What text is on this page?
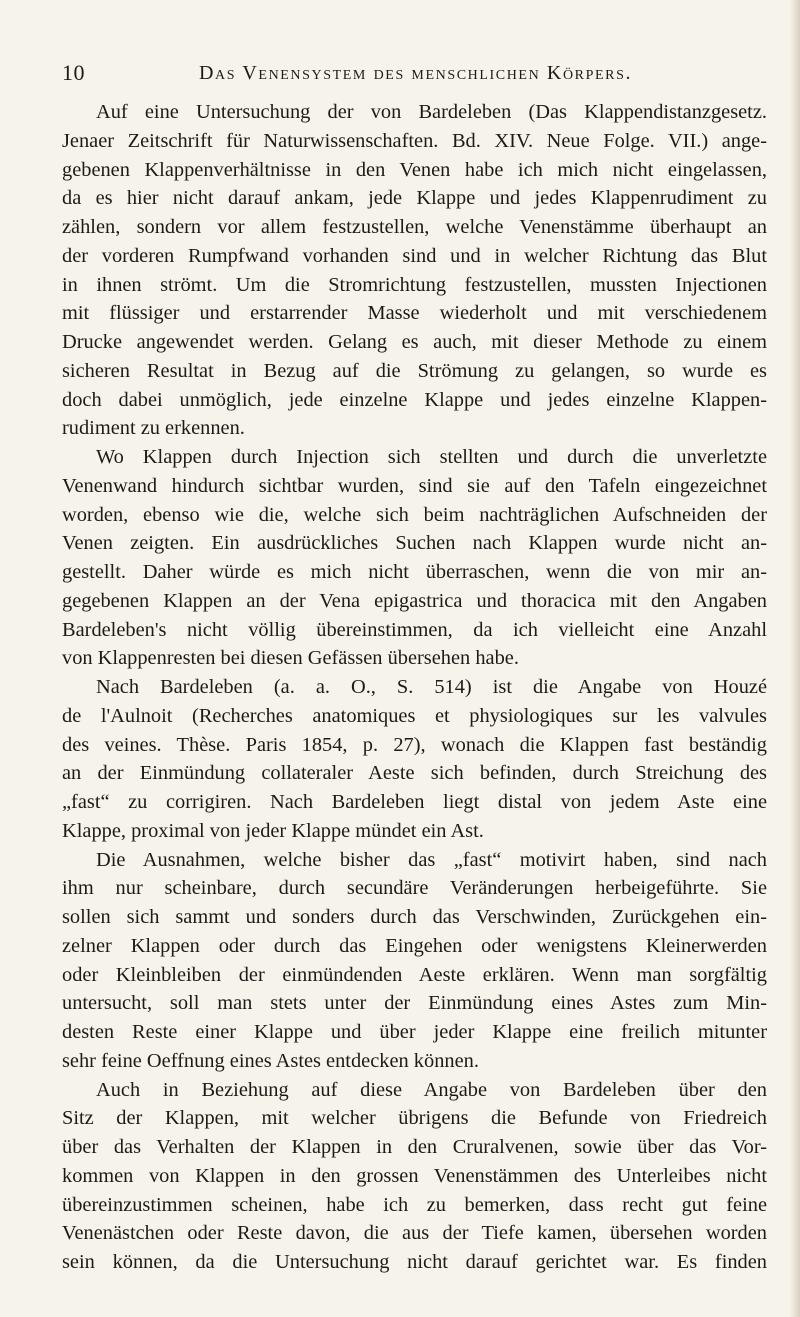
10	Das Venensystem des menschlichen Körpers.
Auf eine Untersuchung der von Bardeleben (Das Klappendistanzgesetz.
Jenaer Zeitschrift für Naturwissenschaften. Bd. XIV. Neue Folge. VII.) ange-
gebenen Klappenverhältnisse in den Venen habe ich mich nicht eingelassen,
da es hier nicht darauf ankam, jede Klappe und jedes Klappenrudiment zu
zählen, sondern vor allem festzustellen, welche Venenstämme überhaupt an
der vorderen Rumpfwand vorhanden sind und in welcher Richtung das Blut
in ihnen strömt. Um die Stromrichtung festzustellen, mussten Injectionen
mit flüssiger und erstarrender Masse wiederholt und mit verschiedenem
Drucke angewendet werden. Gelang es auch, mit dieser Methode zu einem
sicheren Resultat in Bezug auf die Strömung zu gelangen, so wurde es
doch dabei unmöglich, jede einzelne Klappe und jedes einzelne Klappen-
rudiment zu erkennen.
Wo Klappen durch Injection sich stellten und durch die unverletzte
Venenwand hindurch sichtbar wurden, sind sie auf den Tafeln eingezeichnet
worden, ebenso wie die, welche sich beim nachträglichen Aufschneiden der
Venen zeigten. Ein ausdrückliches Suchen nach Klappen wurde nicht an-
gestellt. Daher würde es mich nicht überraschen, wenn die von mir an-
gegebenen Klappen an der Vena epigastrica und thoracica mit den Angaben
Bardeleben's nicht völlig übereinstimmen, da ich vielleicht eine Anzahl
von Klappenresten bei diesen Gefässen übersehen habe.
Nach Bardeleben (a. a. O., S. 514) ist die Angabe von Houzé
de l'Aulnoit (Recherches anatomiques et physiologiques sur les valvules
des veines. Thèse. Paris 1854, p. 27), wonach die Klappen fast beständig
an der Einmündung collateraler Aeste sich befinden, durch Streichung des
„fast“ zu corrigiren. Nach Bardeleben liegt distal von jedem Aste eine
Klappe, proximal von jeder Klappe mündet ein Ast.
Die Ausnahmen, welche bisher das „fast“ motivirt haben, sind nach
ihm nur scheinbare, durch secundäre Veränderungen herbeigeführte. Sie
sollen sich sammt und sonders durch das Verschwinden, Zurückgehen ein-
zelner Klappen oder durch das Eingehen oder wenigstens Kleinerwerden
oder Kleinbleiben der einmündenden Aeste erklären. Wenn man sorgfältig
untersucht, soll man stets unter der Einmündung eines Astes zum Min-
desten Reste einer Klappe und über jeder Klappe eine freilich mitunter
sehr feine Oeffnung eines Astes entdecken können.
Auch in Beziehung auf diese Angabe von Bardeleben über den
Sitz der Klappen, mit welcher übrigens die Befunde von Friedreich
über das Verhalten der Klappen in den Cruralvenen, sowie über das Vor-
kommen von Klappen in den grossen Venenstämmen des Unterleibes nicht
übereinzustimmen scheinen, habe ich zu bemerken, dass recht gut feine
Venenästchen oder Reste davon, die aus der Tiefe kamen, übersehen worden
sein können, da die Untersuchung nicht darauf gerichtet war. Es finden
